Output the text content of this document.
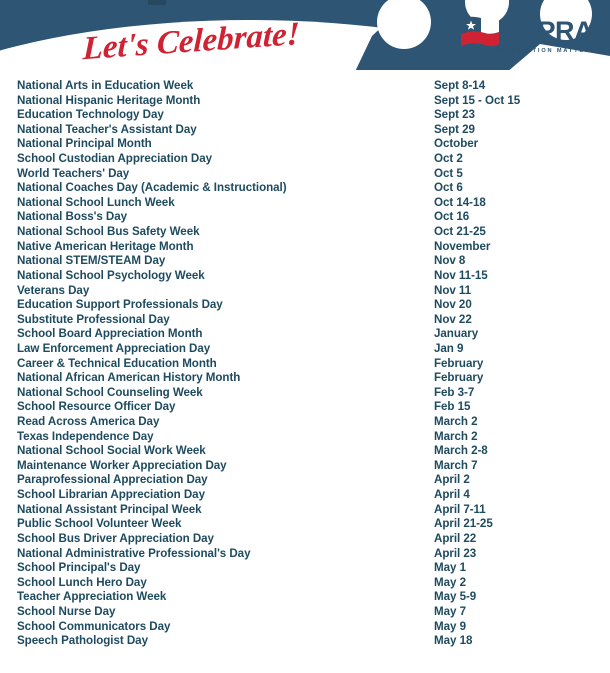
Let's Celebrate!	TSPRA
COMMUNICATION MATTERS
National Arts in Education Week	Sept 8-14
National Hispanic Heritage Month	Sept 15 - Oct 15
Education Technology Day	Sept 23
National Teacher's Assistant Day	Sept 29
National Principal Month	October
School Custodian Appreciation Day	Oct 2
World Teachers' Day	Oct 5
National Coaches Day (Academic & Instructional)	Oct 6
National School Lunch Week	Oct 14-18
National Boss's Day	Oct 16
National School Bus Safety Week	Oct 21-25
Native American Heritage Month	November
National STEM/STEAM Day	Nov 8
National School Psychology Week	Nov 11-15
Veterans Day	Nov 11
Education Support Professionals Day	Nov 20
Substitute Professional Day	Nov 22
School Board Appreciation Month	January
Law Enforcement Appreciation Day	Jan 9
Career & Technical Education Month	February
National African American History Month	February
National School Counseling Week	Feb 3-7
School Resource Officer Day	Feb 15
Read Across America Day	March 2
Texas Independence Day	March 2
National School Social Work Week	March 2-8
Maintenance Worker Appreciation Day	March 7
Paraprofessional Appreciation Day	April 2
School Librarian Appreciation Day	April 4
National Assistant Principal Week	April 7-11
Public School Volunteer Week	April 21-25
School Bus Driver Appreciation Day	April 22
National Administrative Professional's Day	April 23
School Principal's Day	May 1
School Lunch Hero Day	May 2
Teacher Appreciation Week	May 5-9
School Nurse Day	May 7
School Communicators Day	May 9
Speech Pathologist Day	May 18
